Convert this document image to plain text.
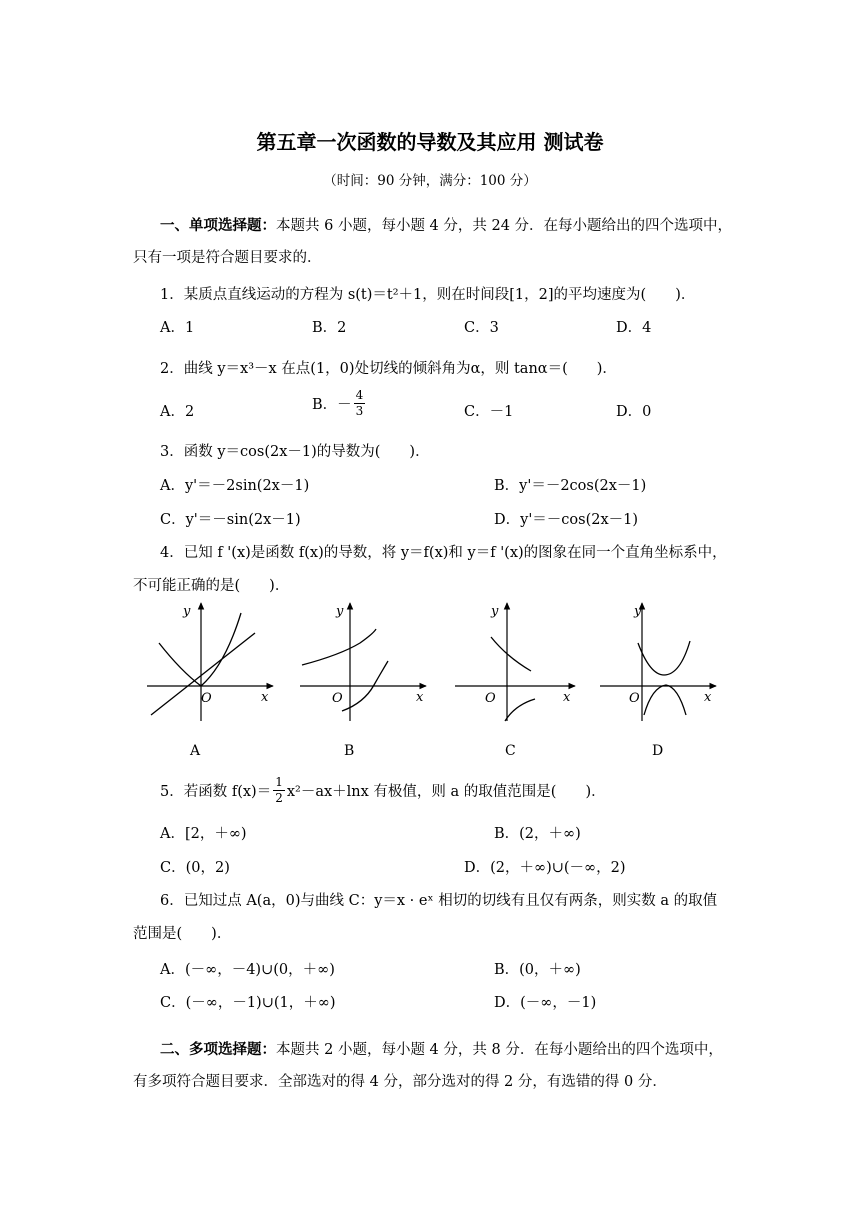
第五章一次函数的导数及其应用 测试卷
（时间：90 分钟，满分：100 分）
一、单项选择题：本题共 6 小题，每小题 4 分，共 24 分．在每小题给出的四个选项中，
只有一项是符合题目要求的．
1．某质点直线运动的方程为 s(t)＝t²＋1，则在时间段[1，2]的平均速度为(　　)．
A．1	B．2	C．3	D．4
2．曲线 y＝x³－x 在点(1，0)处切线的倾斜角为α，则 tanα＝(　　)．
A．2	B．－ $\frac{4}{3}$	C．－1	D．0
3．函数 y＝cos(2x－1)的导数为(　　)．
A．y'＝－2sin(2x－1)	B．y'＝－2cos(2x－1)
C．y'＝－sin(2x－1)	D．y'＝－cos(2x－1)
4．已知 f '(x)是函数 f(x)的导数，将 y＝f(x)和 y＝f '(x)的图象在同一个直角坐标系中，
不可能正确的是(　　)．
y
x
O
y
x
O
y
x
O
y
x
O
A	B	C	D
5．若函数 $f(x)= \frac{1}{2} x^2-ax+\ln x$ 有极值，则 a 的取值范围是(　　)．
A．[2，＋∞)	B．(2，＋∞)
C．(0，2)	D．(2，＋∞)∪(－∞，2)
6．已知过点 A(a，0)与曲线 C：y＝x · eˣ 相切的切线有且仅有两条，则实数 a 的取值
范围是(　　)．
A．(－∞，－4)∪(0，＋∞)	B．(0，＋∞)
C．(－∞，－1)∪(1，＋∞)	D．(－∞，－1)
二、多项选择题：本题共 2 小题，每小题 4 分，共 8 分．在每小题给出的四个选项中，
有多项符合题目要求．全部选对的得 4 分，部分选对的得 2 分，有选错的得 0 分．
